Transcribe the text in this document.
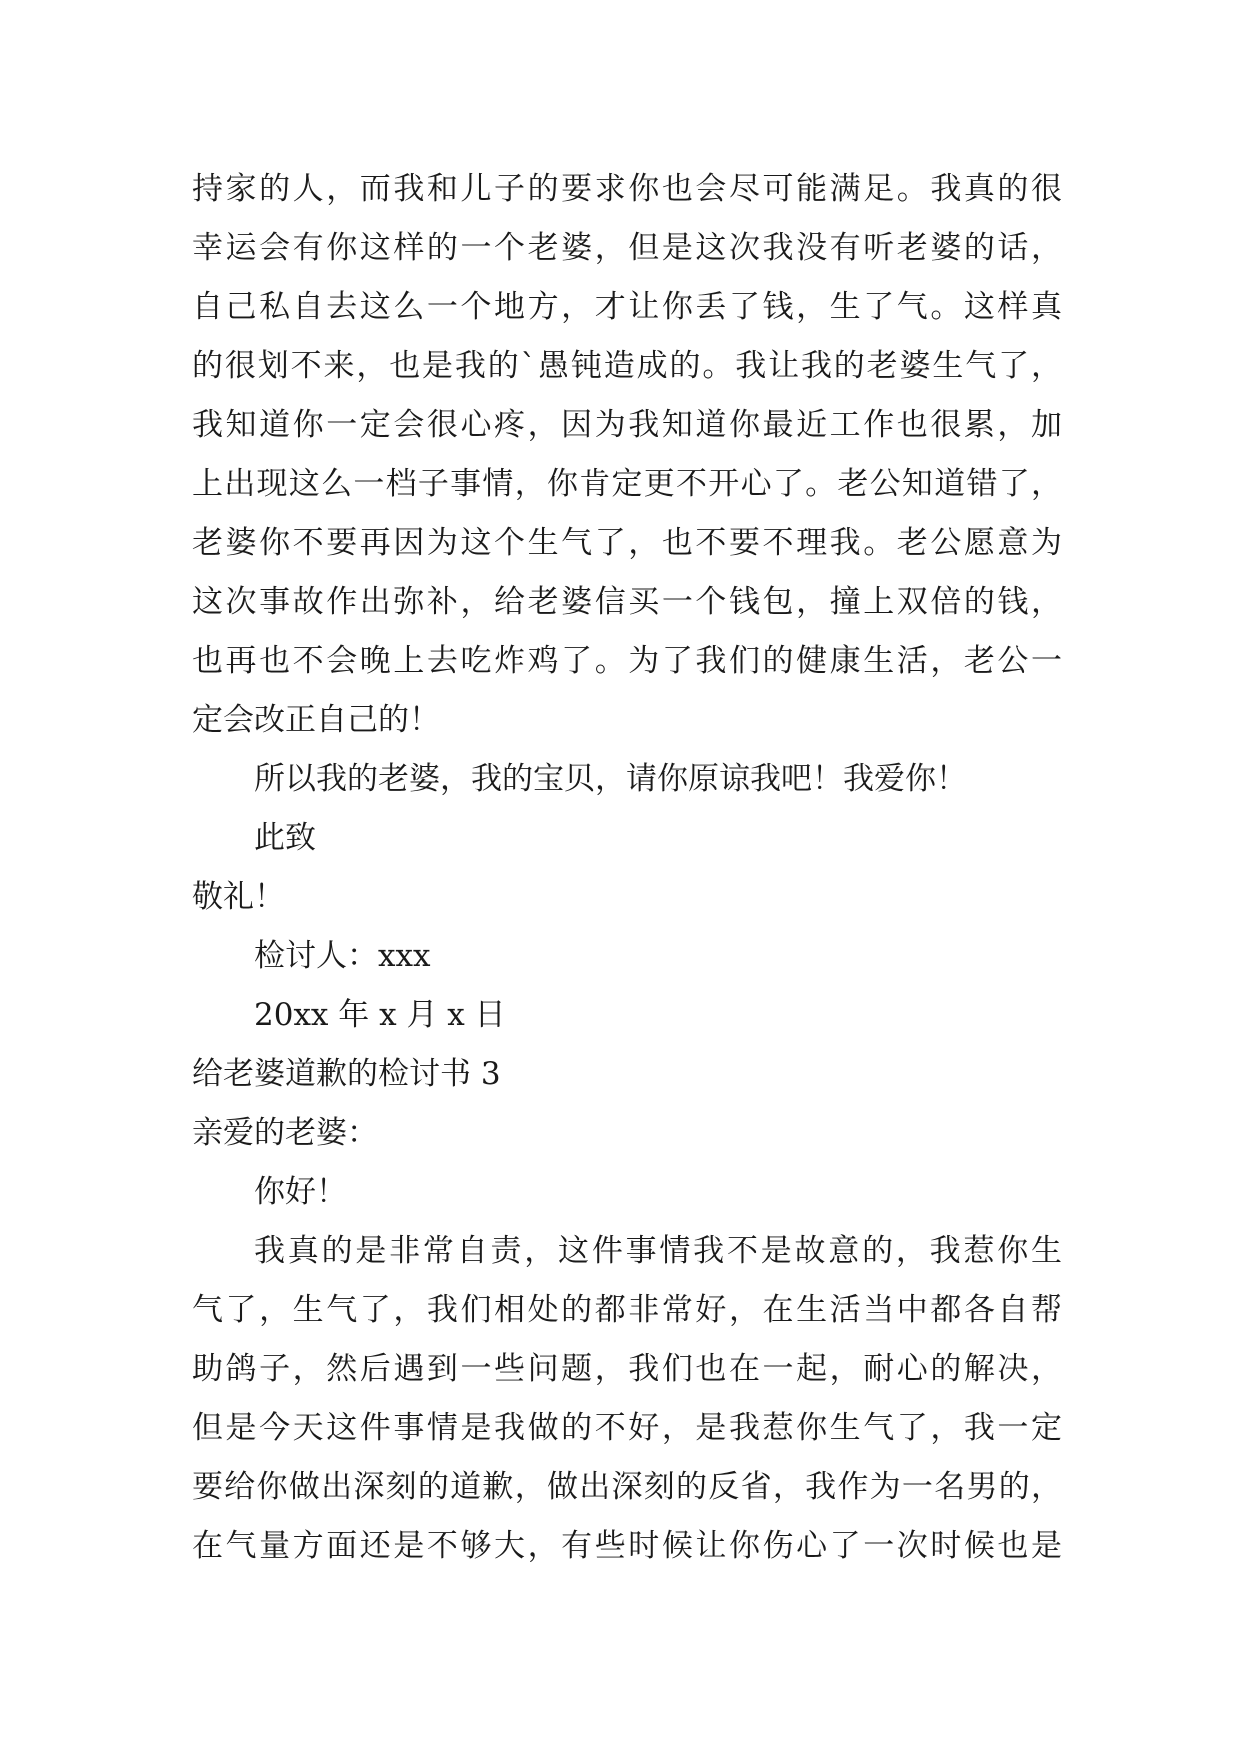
持家的人，而我和儿子的要求你也会尽可能满足。我真的很
幸运会有你这样的一个老婆，但是这次我没有听老婆的话，
自己私自去这么一个地方，才让你丢了钱，生了气。这样真
的很划不来，也是我的`愚钝造成的。我让我的老婆生气了，
我知道你一定会很心疼，因为我知道你最近工作也很累，加
上出现这么一档子事情，你肯定更不开心了。老公知道错了，
老婆你不要再因为这个生气了，也不要不理我。老公愿意为
这次事故作出弥补，给老婆信买一个钱包，撞上双倍的钱，
也再也不会晚上去吃炸鸡了。为了我们的健康生活，老公一
定会改正自己的！
所以我的老婆，我的宝贝，请你原谅我吧！我爱你！
此致
敬礼！
检讨人：xxx
20xx 年 x 月 x 日
给老婆道歉的检讨书 3
亲爱的老婆：
你好！
我真的是非常自责，这件事情我不是故意的，我惹你生
气了，生气了，我们相处的都非常好，在生活当中都各自帮
助鸽子，然后遇到一些问题，我们也在一起，耐心的解决，
但是今天这件事情是我做的不好，是我惹你生气了，我一定
要给你做出深刻的道歉，做出深刻的反省，我作为一名男的，
在气量方面还是不够大，有些时候让你伤心了一次时候也是
